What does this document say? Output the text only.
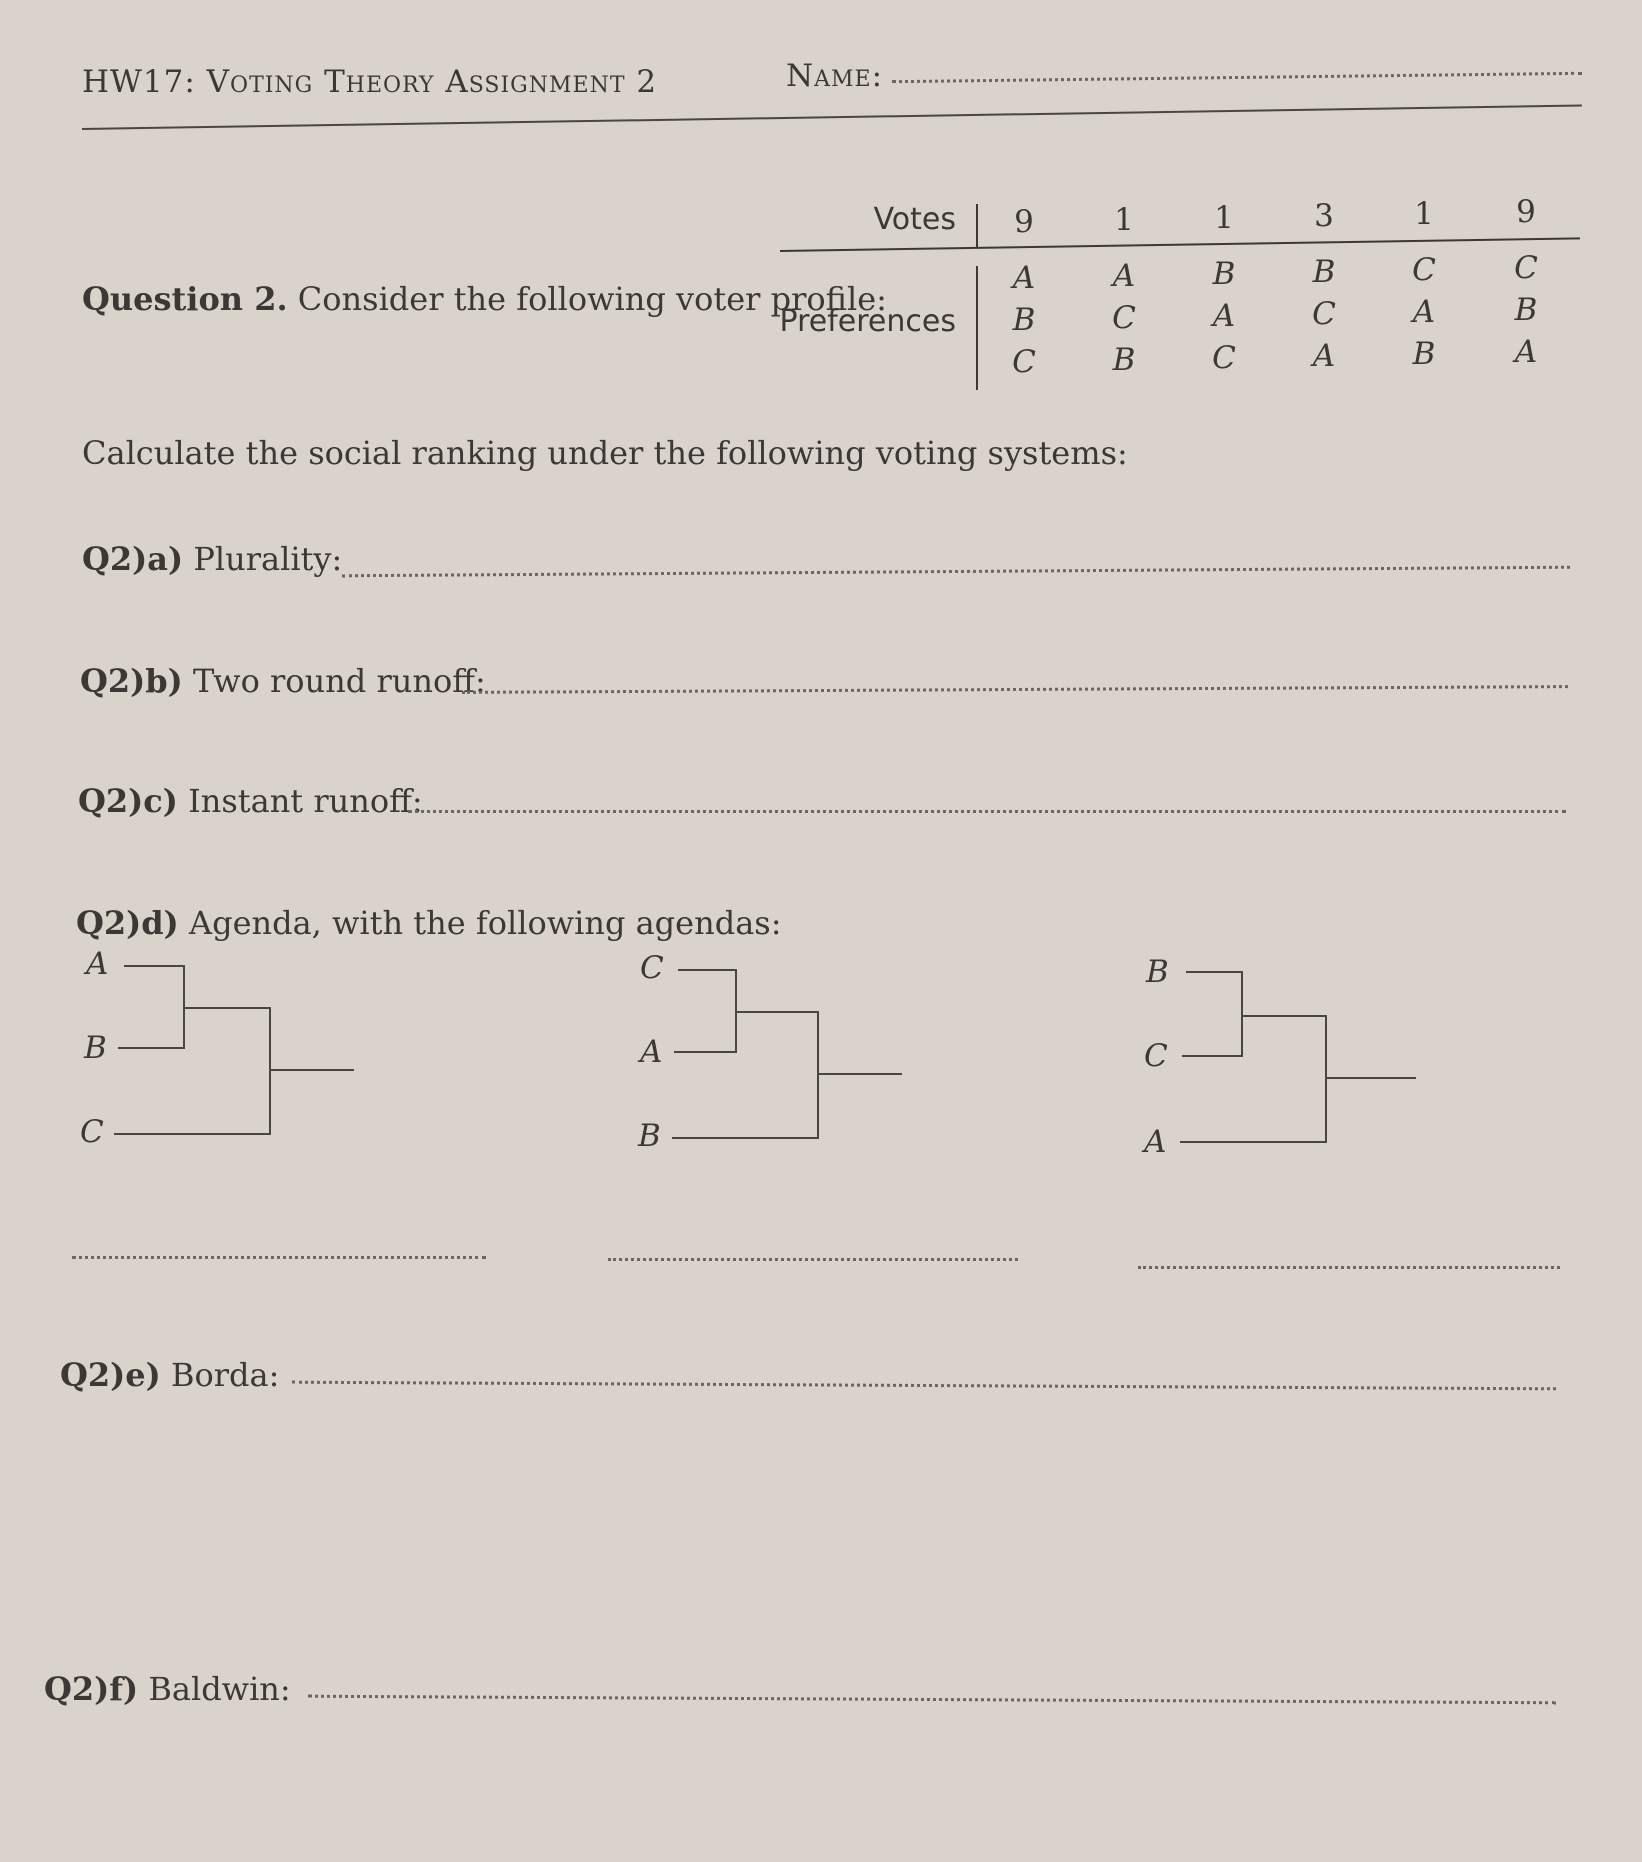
HW17: Voting Theory Assignment 2	Name:
Question 2. Consider the following voter profile:
Votes
Preferences
9
A
B
C
1
A
C
B
1
B
A
C
3
B
C
A
1
C
A
B
9
C
B
A
Calculate the social ranking under the following voting systems:
Q2)a) Plurality:
Q2)b) Two round runoff:
Q2)c) Instant runoff:
Q2)d) Agenda, with the following agendas:
A
B
C
C
A
B
B
C
A
Q2)e) Borda:
Q2)f) Baldwin:
